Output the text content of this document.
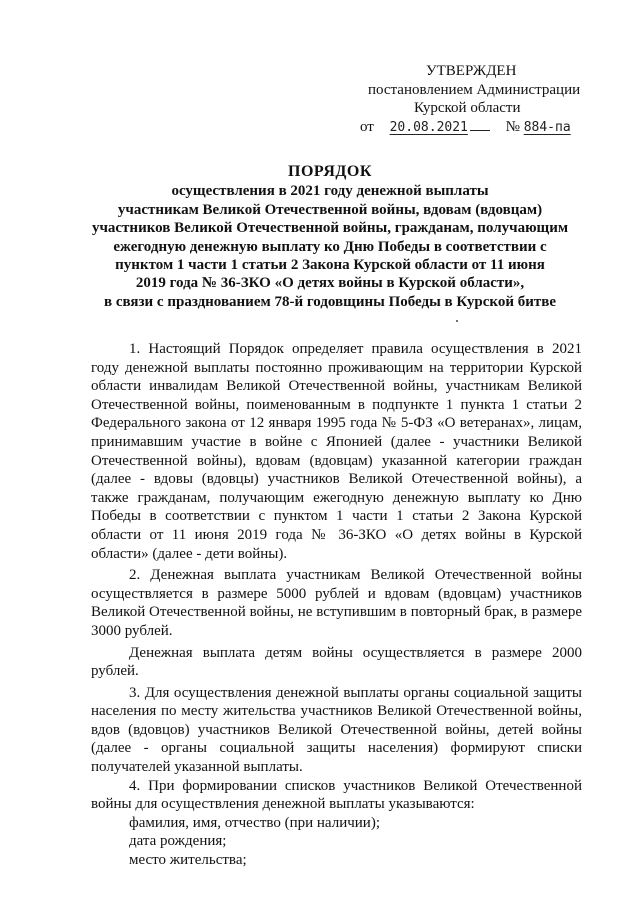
УТВЕРЖДЕН
постановлением Администрации
Курской области
от 20.08.2021	№ 884-па
ПОРЯДОК
осуществления в 2021 году денежной выплаты
участникам Великой Отечественной войны, вдовам (вдовцам)
участников Великой Отечественной войны, гражданам, получающим
ежегодную денежную выплату ко Дню Победы в соответствии с
пунктом 1 части 1 статьи 2 Закона Курской области от 11 июня
2019 года № 36-ЗКО «О детях войны в Курской области»,
в связи с празднованием 78-й годовщины Победы в Курской битве

1. Настоящий Порядок определяет правила осуществления в 2021 году денежной выплаты постоянно проживающим на территории Курской области инвалидам Великой Отечественной войны, участникам Великой Отечественной войны, поименованным в подпункте 1 пункта 1 статьи 2 Федерального закона от 12 января 1995 года № 5-ФЗ «О ветеранах», лицам, принимавшим участие в войне с Японией (далее - участники Великой Отечественной войны), вдовам (вдовцам) указанной категории граждан (далее - вдовы (вдовцы) участников Великой Отечественной войны), а также гражданам, получающим ежегодную денежную выплату ко Дню Победы в соответствии с пунктом 1 части 1 статьи 2 Закона Курской области от 11 июня 2019 года № 36-ЗКО «О детях войны в Курской области» (далее - дети войны).

2. Денежная выплата участникам Великой Отечественной войны осуществляется в размере 5000 рублей и вдовам (вдовцам) участников Великой Отечественной войны, не вступившим в повторный брак, в размере 3000 рублей.

Денежная выплата детям войны осуществляется в размере 2000 рублей.

3. Для осуществления денежной выплаты органы социальной защиты населения по месту жительства участников Великой Отечественной войны, вдов (вдовцов) участников Великой Отечественной войны, детей войны (далее - органы социальной защиты населения) формируют списки получателей указанной выплаты.

4. При формировании списков участников Великой Отечественной войны для осуществления денежной выплаты указываются:

фамилия, имя, отчество (при наличии);

дата рождения;

место жительства;
